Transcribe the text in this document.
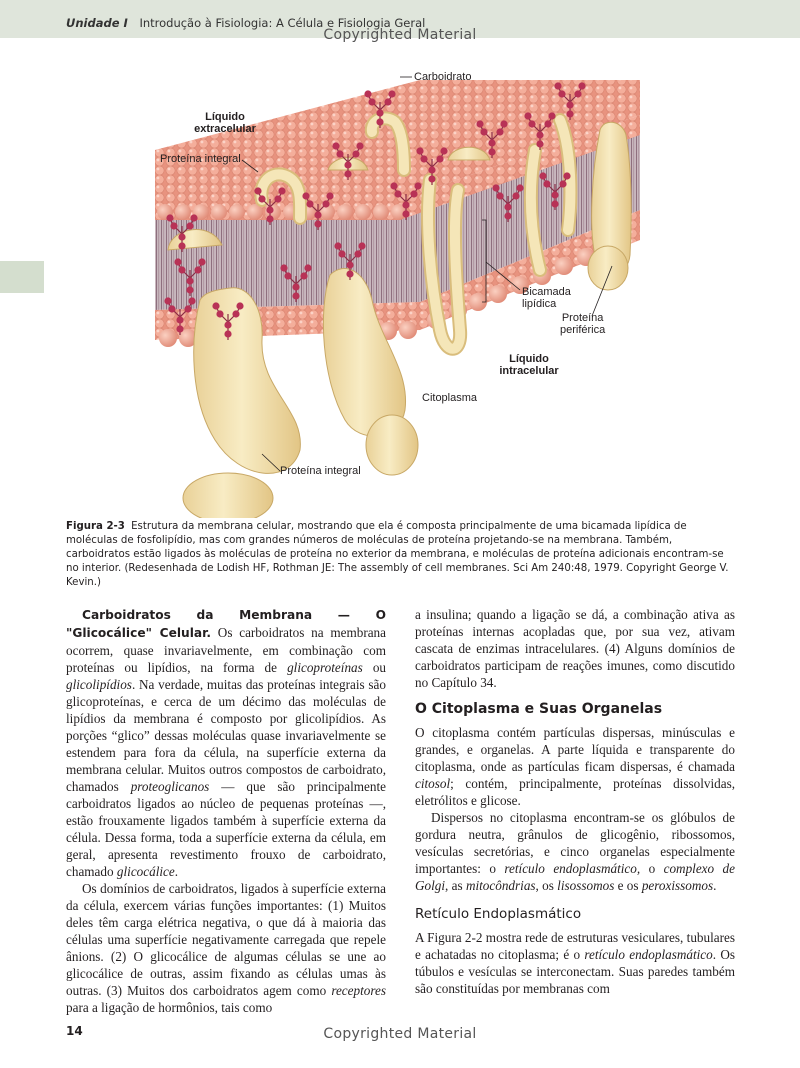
Unidade I Introdução à Fisiologia: A Célula e Fisiologia Geral
Copyrighted Material
Carboidrato
Líquido
extracelular
Proteína integral
Bicamada
lipídica
Proteína
periférica
Líquido
intracelular
Citoplasma
Proteína integral
Figura 2-3 Estrutura da membrana celular, mostrando que ela é composta principalmente de uma bicamada lipídica de moléculas de fosfolipídio, mas com grandes números de moléculas de proteína projetando-se na membrana. Também, carboidratos estão ligados às moléculas de proteína no exterior da membrana, e moléculas de proteína adicionais encontram-se no interior. (Redesenhada de Lodish HF, Rothman JE: The assembly of cell membranes. Sci Am 240:48, 1979. Copyright George V. Kevin.)

Carboidratos da Membrana — O "Glicocálice" Celular. Os carboidratos na membrana ocorrem, quase invariavelmente, em combinação com proteínas ou lipídios, na forma de glicoproteínas ou glicolipídios. Na verdade, muitas das proteínas integrais são glicoproteínas, e cerca de um décimo das moléculas de lipídios da membrana é composto por glicolipídios. As porções “glico” dessas moléculas quase invariavelmente se estendem para fora da célula, na superfície externa da membrana celular. Muitos outros compostos de carboidrato, chamados proteoglicanos — que são principalmente carboidratos ligados ao núcleo de pequenas proteínas —, estão frouxamente ligados também à superfície externa da célula. Dessa forma, toda a superfície externa da célula, em geral, apresenta revestimento frouxo de carboidrato, chamado glicocálice.

Os domínios de carboidratos, ligados à superfície externa da célula, exercem várias funções importantes: (1) Muitos deles têm carga elétrica negativa, o que dá à maioria das células uma superfície negativamente carregada que repele ânions. (2) O glicocálice de algumas células se une ao glicocálice de outras, assim fixando as células umas às outras. (3) Muitos dos carboidratos agem como receptores para a ligação de hormônios, tais como

a insulina; quando a ligação se dá, a combinação ativa as proteínas internas acopladas que, por sua vez, ativam cascata de enzimas intracelulares. (4) Alguns domínios de carboidratos participam de reações imunes, como discutido no Capítulo 34.

O Citoplasma e Suas Organelas

O citoplasma contém partículas dispersas, minúsculas e grandes, e organelas. A parte líquida e transparente do citoplasma, onde as partículas ficam dispersas, é chamada citosol; contém, principalmente, proteínas dissolvidas, eletrólitos e glicose.

Dispersos no citoplasma encontram-se os glóbulos de gordura neutra, grânulos de glicogênio, ribossomos, vesículas secretórias, e cinco organelas especialmente importantes: o retículo endoplasmático, o complexo de Golgi, as mitocôndrias, os lisossomos e os peroxissomos.

Retículo Endoplasmático

A Figura 2-2 mostra rede de estruturas vesiculares, tubulares e achatadas no citoplasma; é o retículo endoplasmático. Os túbulos e vesículas se interconectam. Suas paredes também são constituídas por membranas com

14	Copyrighted Material
